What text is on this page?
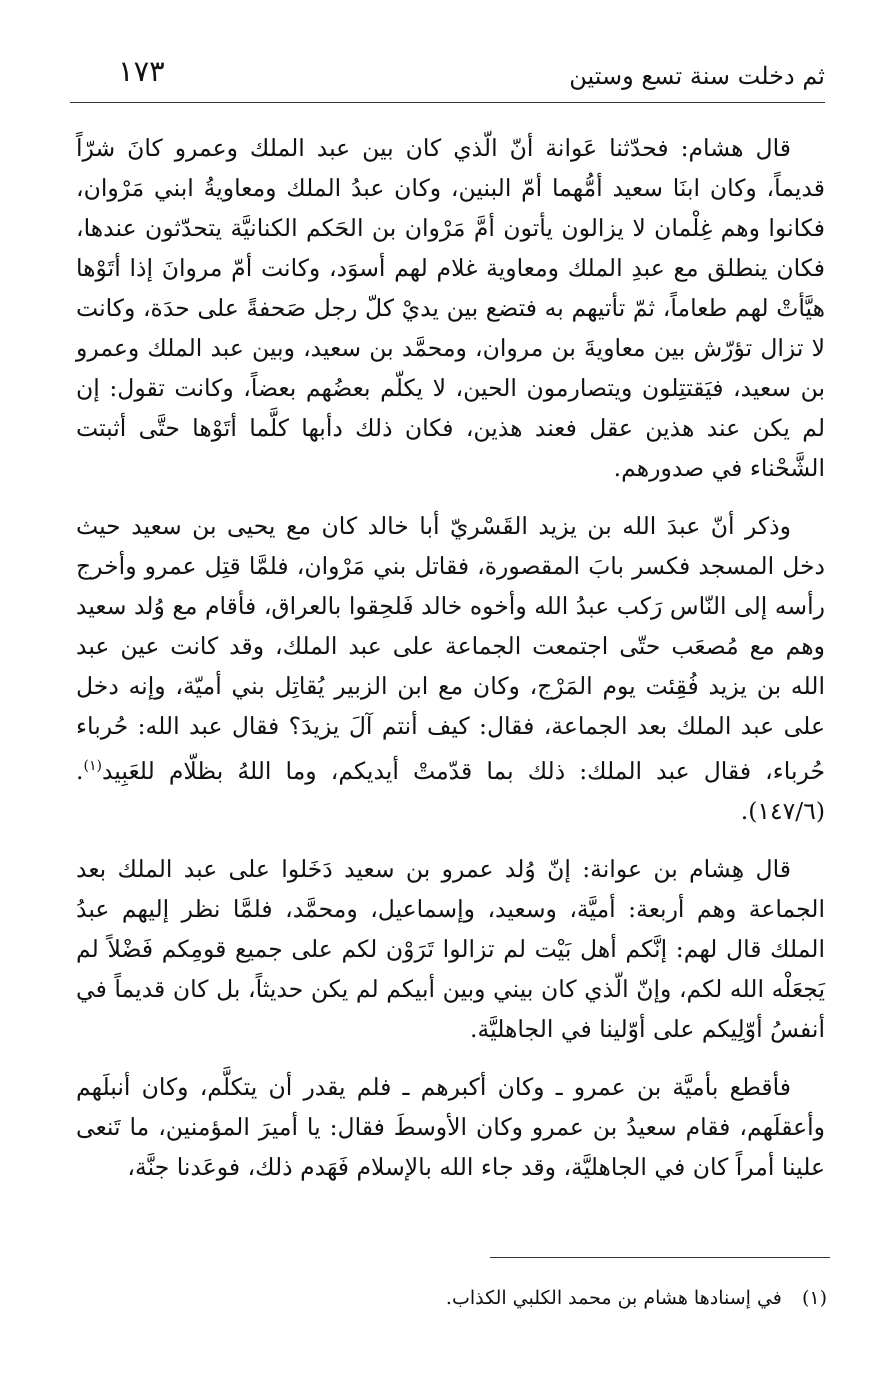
١٧٣	ثم دخلت سنة تسع وستين

قال هشام: فحدّثنا عَوانة أنّ الّذي كان بين عبد الملك وعمرو كانَ شرّاً قديماً، وكان ابنَا سعيد أمُّهما أمّ البنين، وكان عبدُ الملك ومعاويةُ ابني مَرْوان، فكانوا وهم غِلْمان لا يزالون يأتون أمَّ مَرْوان بن الحَكم الكنانيَّة يتحدّثون عندها، فكان ينطلق مع عبدِ الملك ومعاوية غلام لهم أسوَد، وكانت أمّ مروانَ إذا أتَوْها هيَّأتْ لهم طعاماً، ثمّ تأتيهم به فتضع بين يديْ كلّ رجل صَحفةً على حدَة، وكانت لا تزال تؤرّش بين معاويةَ بن مروان، ومحمَّد بن سعيد، وبين عبد الملك وعمرو بن سعيد، فيَقتتِلون ويتصارمون الحين، لا يكلّم بعضُهم بعضاً، وكانت تقول: إن لم يكن عند هذين عقل فعند هذين، فكان ذلك دأبها كلَّما أتَوْها حتَّى أثبتت الشَّحْناء في صدورهم.

وذكر أنّ عبدَ الله بن يزيد القَسْريّ أبا خالد كان مع يحيى بن سعيد حيث دخل المسجد فكسر بابَ المقصورة، فقاتل بني مَرْوان، فلمَّا قتِل عمرو وأخرج رأسه إلى النّاس رَكب عبدُ الله وأخوه خالد فَلحِقوا بالعراق، فأقام مع وُلد سعيد وهم مع مُصعَب حتّى اجتمعت الجماعة على عبد الملك، وقد كانت عين عبد الله بن يزيد فُقِئت يوم المَرْج، وكان مع ابن الزبير يُقاتِل بني أميّة، وإنه دخل على عبد الملك بعد الجماعة، فقال: كيف أنتم آلَ يزيدَ؟ فقال عبد الله: حُرباء حُرباء، فقال عبد الملك: ذلك بما قدّمتْ أيديكم، وما اللهُ بظلّام للعَبِيد$^{(١)}$. (١٤٧/٦).

قال هِشام بن عوانة: إنّ وُلد عمرو بن سعيد دَخَلوا على عبد الملك بعد الجماعة وهم أربعة: أميَّة، وسعيد، وإسماعيل، ومحمَّد، فلمَّا نظر إليهم عبدُ الملك قال لهم: إنَّكم أهل بَيْت لم تزالوا تَرَوْن لكم على جميع قومِكم فَضْلاً لم يَجعَلْه الله لكم، وإنّ الّذي كان بيني وبين أبيكم لم يكن حديثاً، بل كان قديماً في أنفسُ أوّلِيكم على أوّلينا في الجاهليَّة.

فأقطع بأميَّة بن عمرو ـ وكان أكبرهم ـ فلم يقدر أن يتكلَّم، وكان أنبلَهم وأعقلَهم، فقام سعيدُ بن عمرو وكان الأوسطَ فقال: يا أميرَ المؤمنين، ما تَنعى علينا أمراً كان في الجاهليَّة، وقد جاء الله بالإسلام فَهَدم ذلك، فوعَدنا جنَّة،

(١) في إسنادها هشام بن محمد الكلبي الكذاب.
